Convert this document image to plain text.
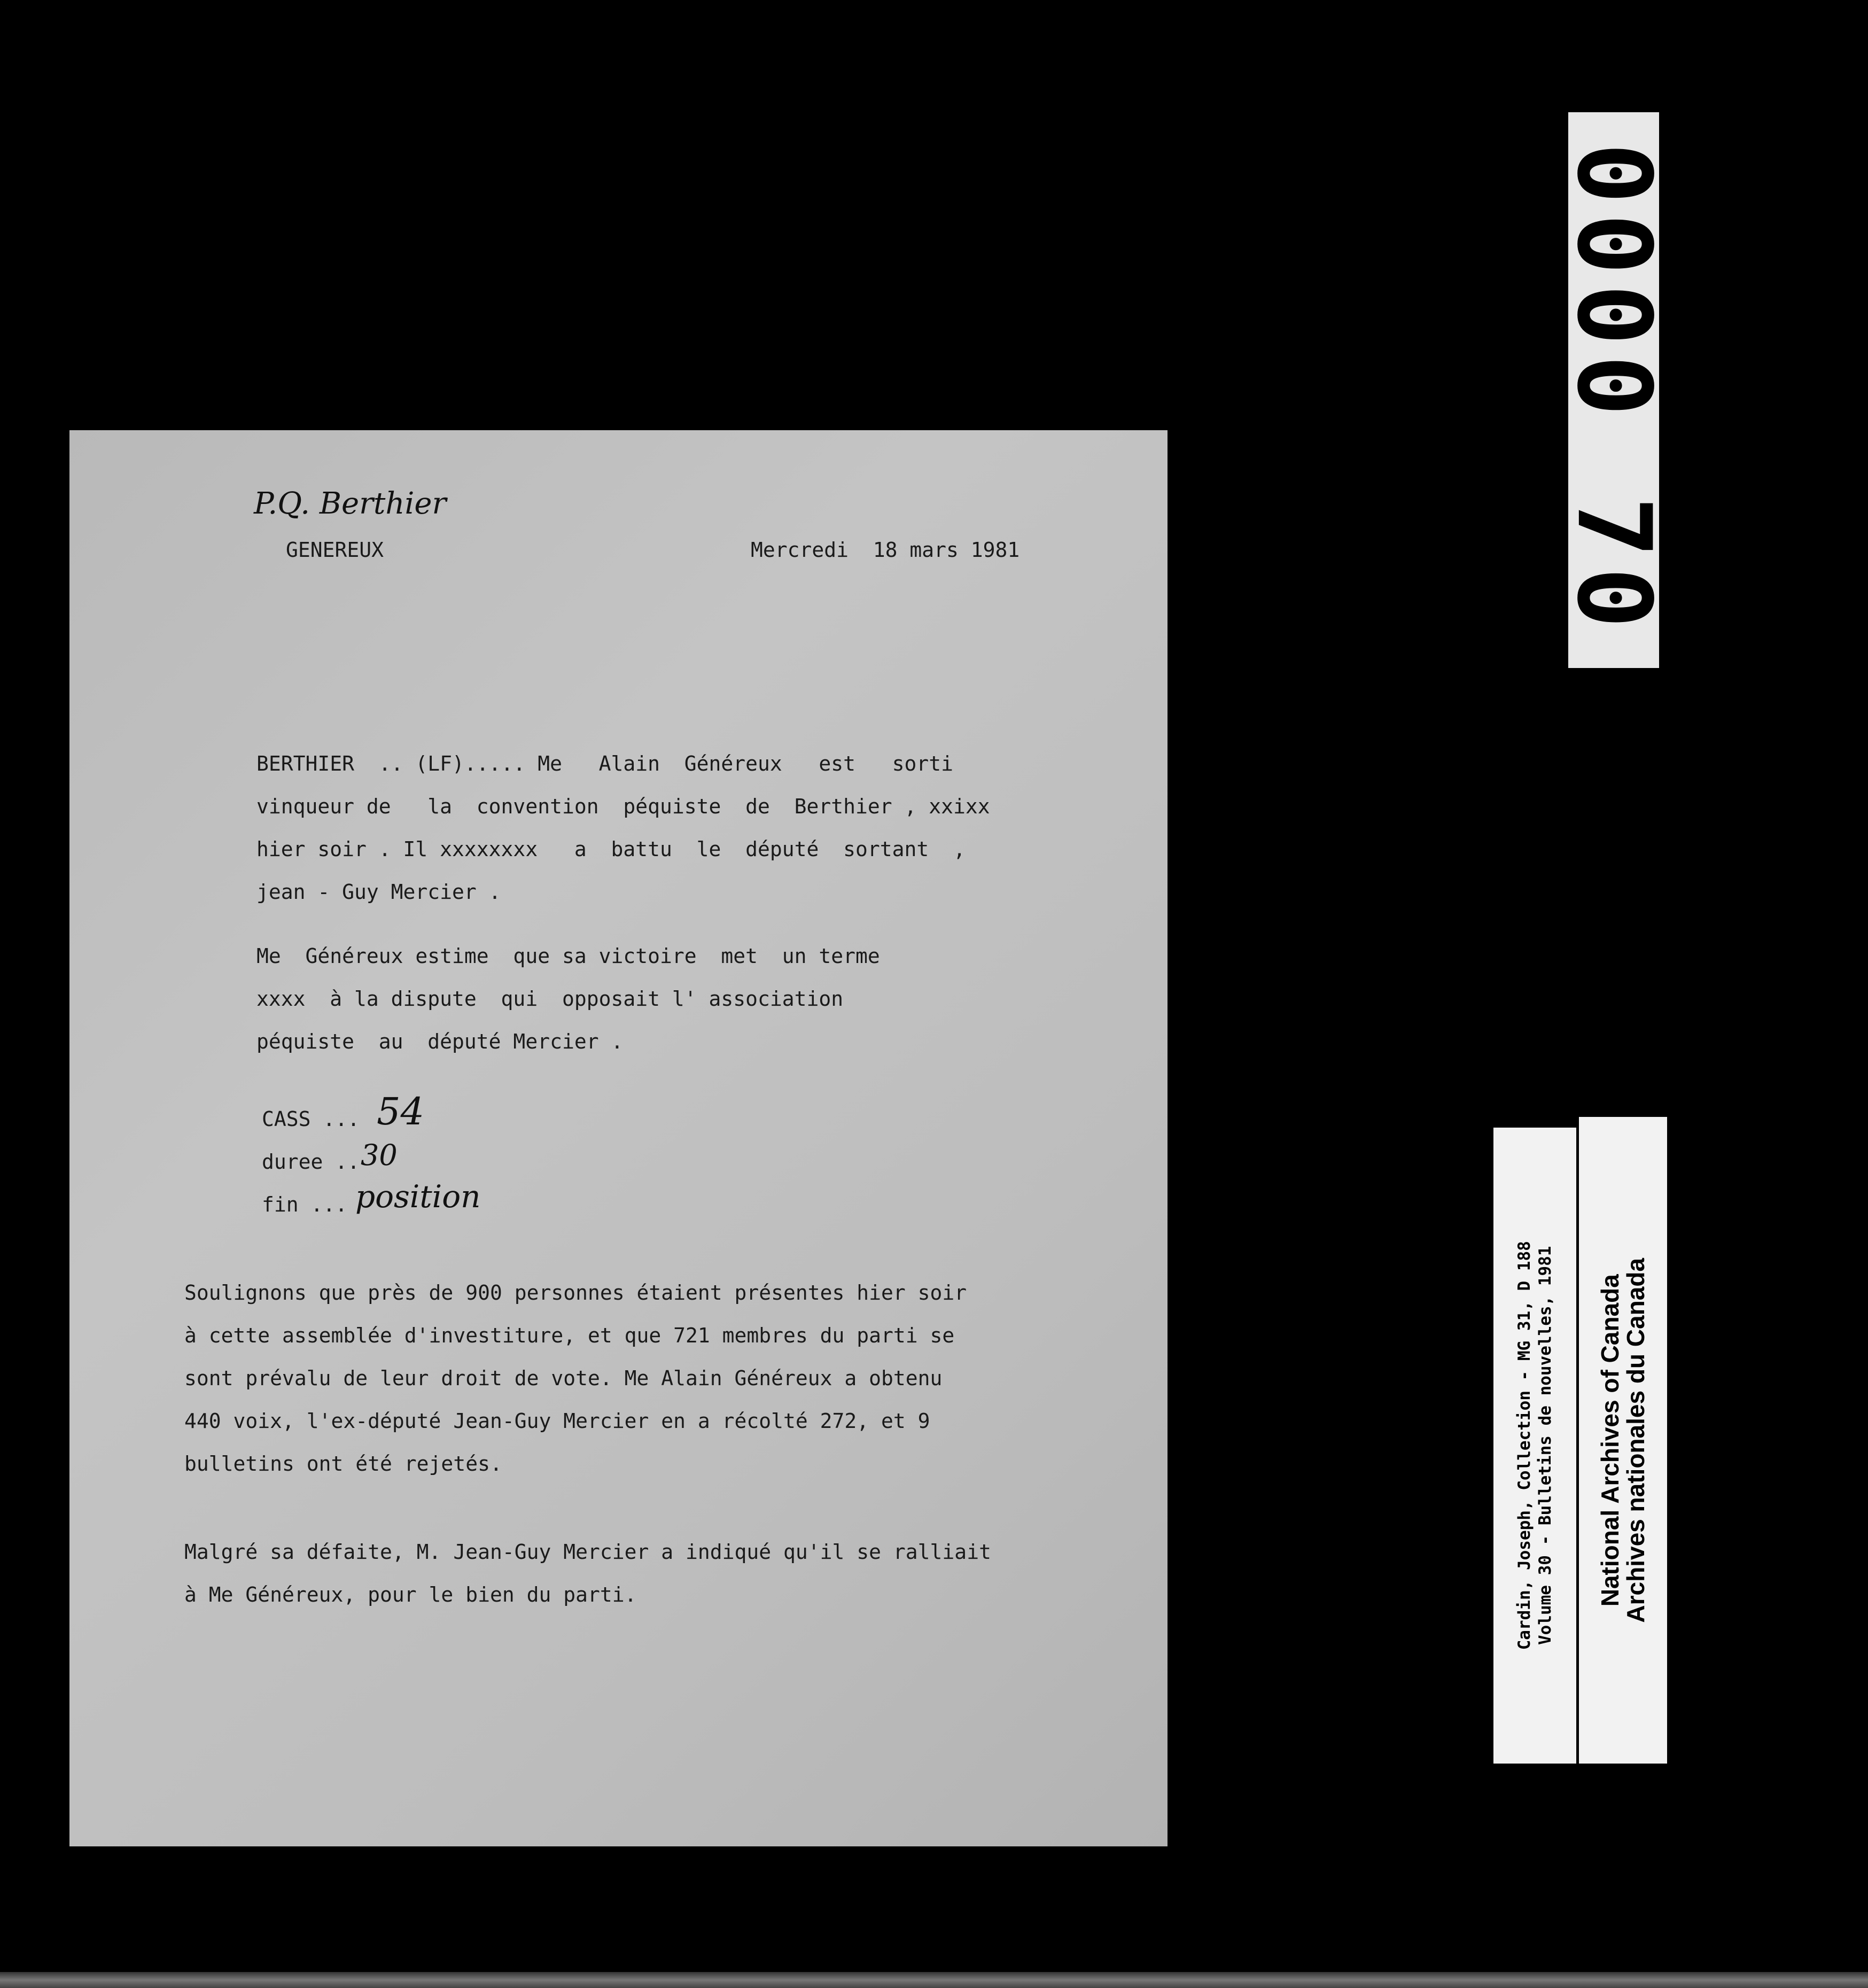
P.Q. Berthier
GENEREUX	Mercredi  18 mars 1981
BERTHIER  .. (LF)..... Me   Alain  Généreux   est   sorti
vinqueur de   la  convention  péquiste  de  Berthier , xxixx
hier soir . Il xxxxxxxx   a  battu  le  député  sortant  ,
jean - Guy Mercier .
Me  Généreux estime  que sa victoire  met  un terme
xxxx  à la dispute  qui  opposait l' association
péquiste  au  député Mercier .
CASS ... 54
duree .. 30
fin ... position
Soulignons que près de 900 personnes étaient présentes hier soir
à cette assemblée d'investiture, et que 721 membres du parti se
sont prévalu de leur droit de vote. Me Alain Généreux a obtenu
440 voix, l'ex-député Jean-Guy Mercier en a récolté 272, et 9
bulletins ont été rejetés.
Malgré sa défaite, M. Jean-Guy Mercier a indiqué qu'il se ralliait
à Me Généreux, pour le bien du parti.
0000 70
Cardin, Joseph, Collection - MG 31, D 188 Volume 30 - Bulletins de nouvelles, 1981 National Archives of Canada
Archives nationales du Canada
